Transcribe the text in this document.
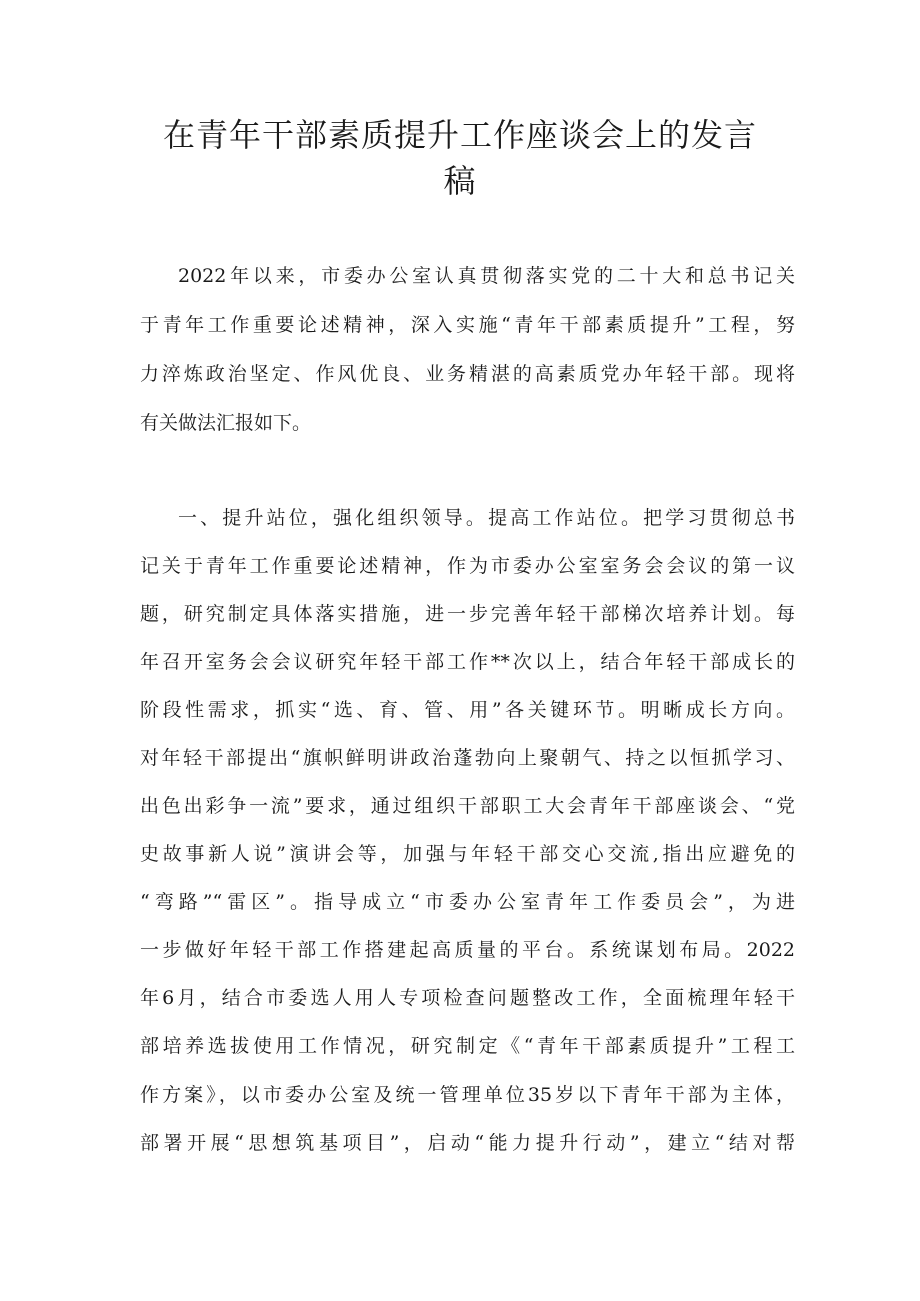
在青年干部素质提升工作座谈会上的发言
稿

2022年以来，市委办公室认真贯彻落实党的二十大和总书记关

于青年工作重要论述精神，深入实施“青年干部素质提升”工程，努

力淬炼政治坚定、作风优良、业务精湛的高素质党办年轻干部。现将

有关做法汇报如下。

一、提升站位，强化组织领导。提高工作站位。把学习贯彻总书

记关于青年工作重要论述精神，作为市委办公室室务会会议的第一议

题，研究制定具体落实措施，进一步完善年轻干部梯次培养计划。每

年召开室务会会议研究年轻干部工作**次以上，结合年轻干部成长的

阶段性需求，抓实“选、育、管、用”各关键环节。明晰成长方向。

对年轻干部提出“旗帜鲜明讲政治蓬勃向上聚朝气、持之以恒抓学习、

出色出彩争一流”要求，通过组织干部职工大会青年干部座谈会、“党

史故事新人说”演讲会等，加强与年轻干部交心交流,指出应避免的

“弯路”“雷区”。指导成立“市委办公室青年工作委员会”，为进

一步做好年轻干部工作搭建起高质量的平台。系统谋划布局。2022

年6月，结合市委选人用人专项检查问题整改工作，全面梳理年轻干

部培养选拔使用工作情况，研究制定《“青年干部素质提升”工程工

作方案》，以市委办公室及统一管理单位35岁以下青年干部为主体，

部署开展“思想筑基项目”，启动“能力提升行动”，建立“结对帮
